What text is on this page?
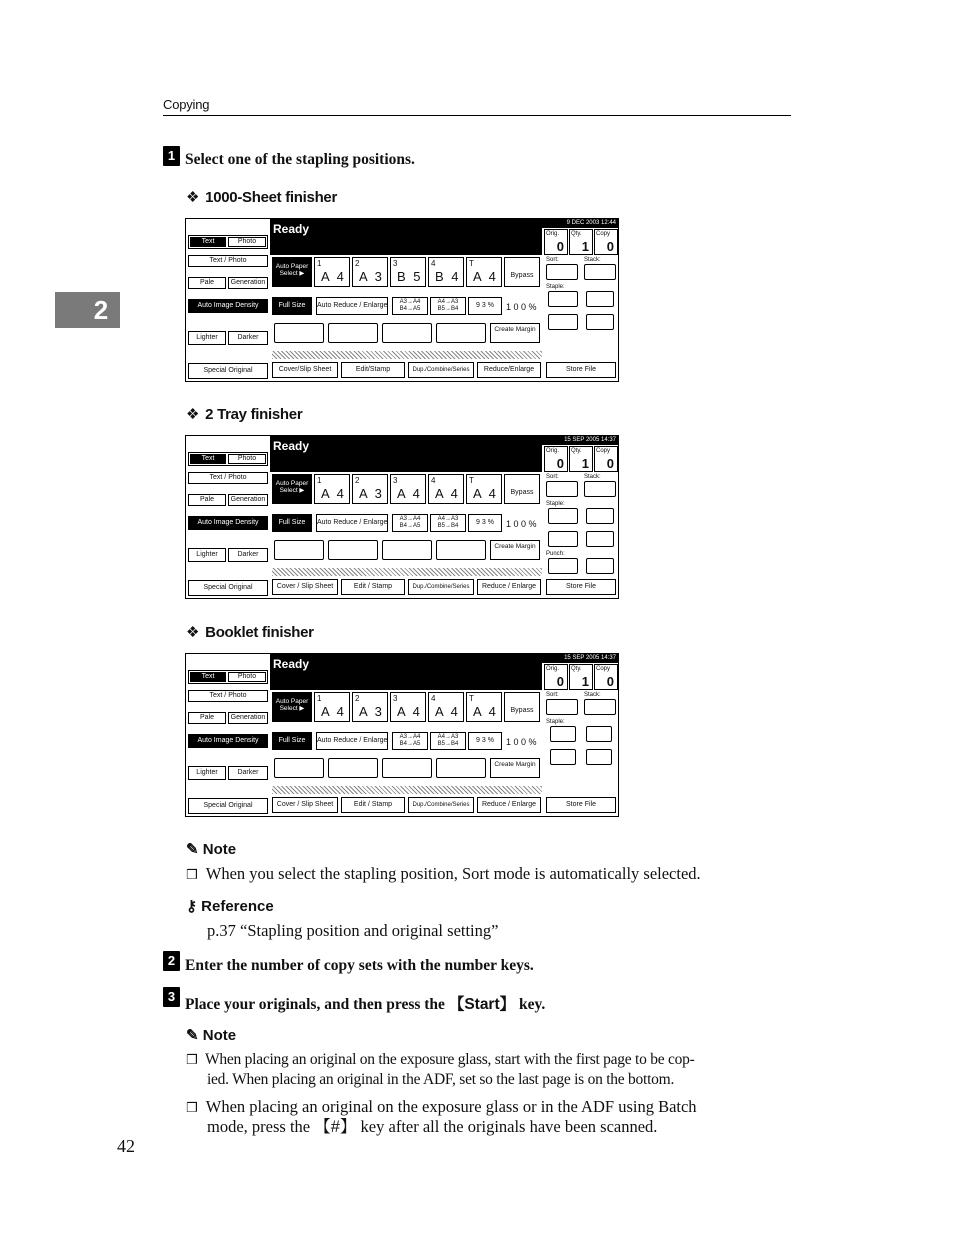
Copying
2
1 Select one of the stapling positions.
❖ 1000-Sheet finisher
❖ 2 Tray finisher
❖ Booklet finisher
Text	Photo
Text / Photo
Pale	Generation
Auto Image Density
Lighter	Darker
Special Original
Ready	9 DEC 2003 12:44
Orig.
0
Qty.
1
Copy
0
Auto Paper Select ▶
1
A 4
2
A 3
3
B 5
4
B 4
T
A 4	Bypass
Full Size	Auto Reduce / Enlarge	A3→A4
B4→A5
A4→A3
B5→B4	9 3 %	1 0 0 %
Create Margin
Cover/Slip Sheet	Edit/Stamp	Dup./Combine/Series	Reduce/Enlarge	Store File
Sort:	Stack:
Staple:
Text	Photo
Text / Photo
Pale	Generation
Auto Image Density
Lighter	Darker
Special Original
Ready	15 SEP 2005 14:37
Orig.
0
Qty.
1
Copy
0
Auto Paper Select ▶
1
A 4
2
A 3
3
A 4
4
A 4
T
A 4	Bypass
Full Size	Auto Reduce / Enlarge	A3→A4
B4→A5
A4→A3
B5→B4	9 3 %	1 0 0 %
Create Margin
Cover / Slip Sheet	Edit / Stamp	Dup./Combine/Series	Reduce / Enlarge	Store File
Sort:	Stack:
Staple:
Punch:
Text	Photo
Text / Photo
Pale	Generation
Auto Image Density
Lighter	Darker
Special Original
Ready	15 SEP 2005 14:37
Orig.
0
Qty.
1
Copy
0
Auto Paper Select ▶
1
A 4
2
A 3
3
A 4
4
A 4
T
A 4	Bypass
Full Size	Auto Reduce / Enlarge	A3→A4
B4→A5
A4→A3
B5→B4	9 3 %	1 0 0 %
Create Margin
Cover / Slip Sheet	Edit / Stamp	Dup./Combine/Series	Reduce / Enlarge	Store File
Sort:	Stack:
Staple:
✎ Note
❒ When you select the stapling position, Sort mode is automatically selected.
⚷ Reference
p.37 “Stapling position and original setting”
2 Enter the number of copy sets with the number keys.
3 Place your originals, and then press the 【Start】 key.
✎ Note
❒ When placing an original on the exposure glass, start with the first page to be cop-
ied. When placing an original in the ADF, set so the last page is on the bottom.
❒ When placing an original on the exposure glass or in the ADF using Batch
mode, press the 【#】 key after all the originals have been scanned.
42
